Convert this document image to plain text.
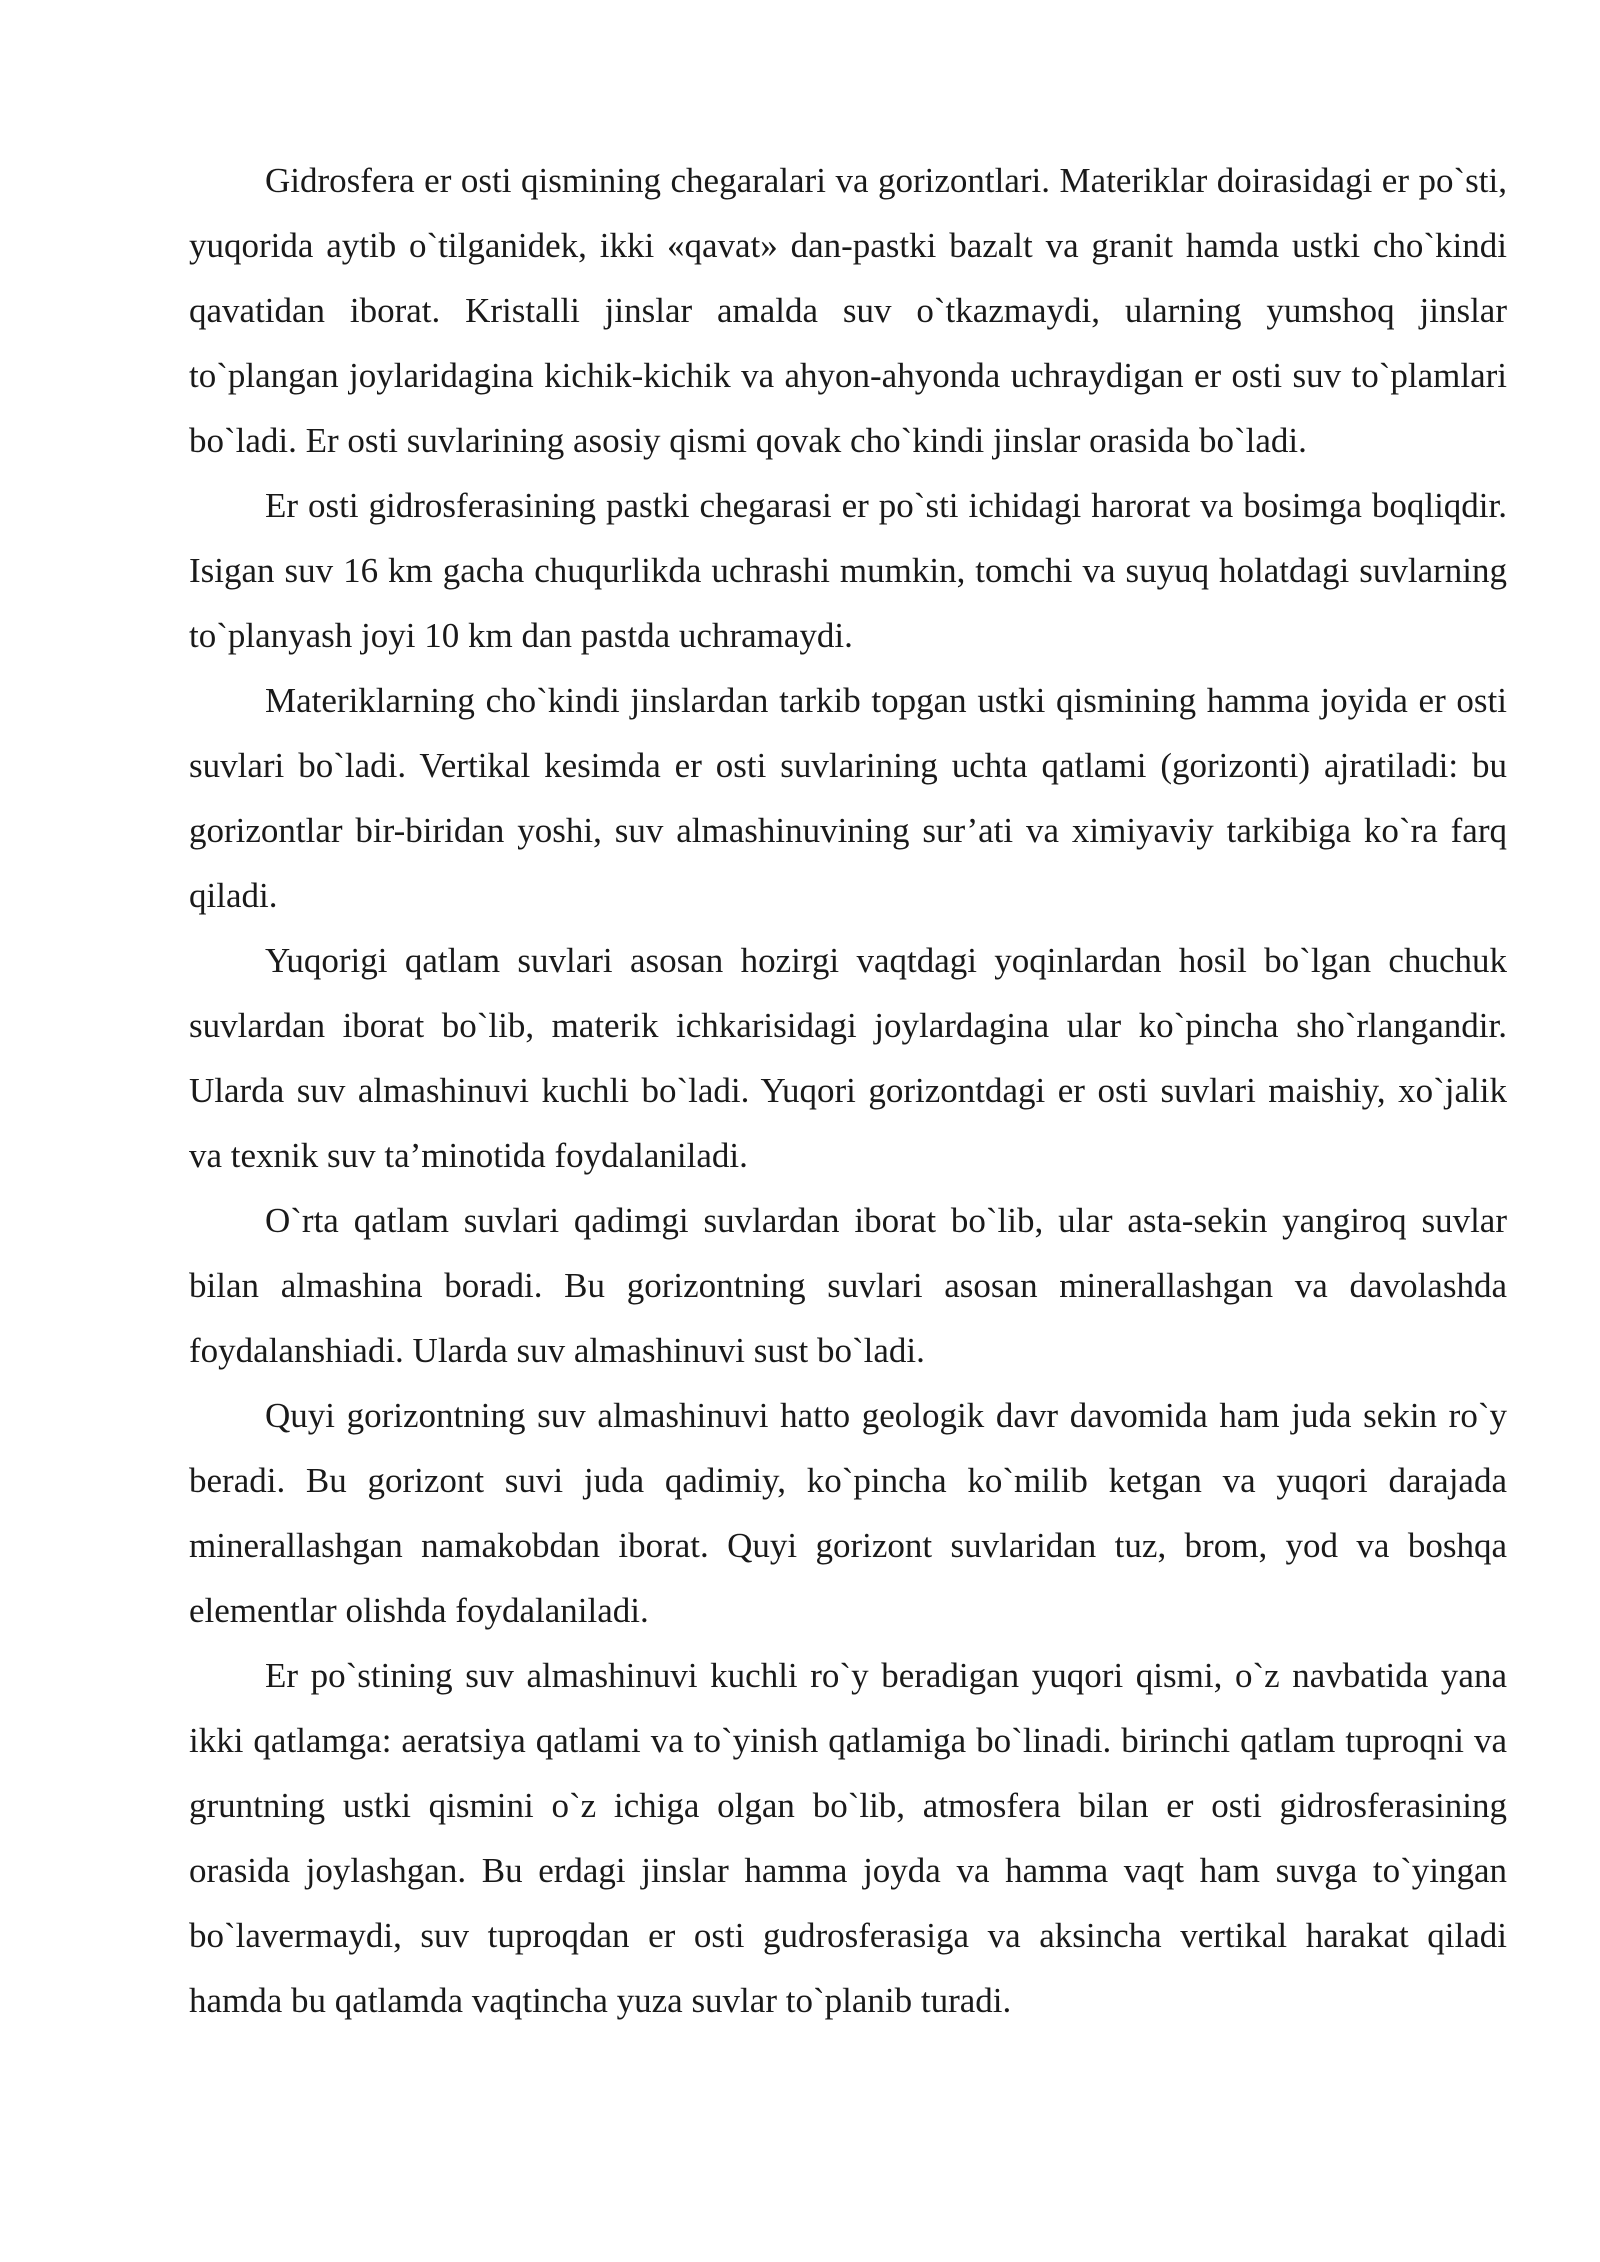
Gidrosfera er osti qismining chegaralari va gorizontlari. Materiklar doirasidagi er po`sti, yuqorida aytib o`tilganidek, ikki «qavat» dan-pastki bazalt va granit hamda ustki cho`kindi qavatidan iborat. Kristalli jinslar amalda suv o`tkazmaydi, ularning yumshoq jinslar to`plangan joylaridagina kichik-kichik va ahyon-ahyonda uchraydigan er osti suv to`plamlari bo`ladi. Er osti suvlarining asosiy qismi qovak cho`kindi jinslar orasida bo`ladi.

Er osti gidrosferasining pastki chegarasi er po`sti ichidagi harorat va bosimga boqliqdir. Isigan suv 16 km gacha chuqurlikda uchrashi mumkin, tomchi va suyuq holatdagi suvlarning to`planyash joyi 10 km dan pastda uchramaydi.

Materiklarning cho`kindi jinslardan tarkib topgan ustki qismining hamma joyida er osti suvlari bo`ladi. Vertikal kesimda er osti suvlarining uchta qatlami (gorizonti) ajratiladi: bu gorizontlar bir-biridan yoshi, suv almashinuvining sur’ati va ximiyaviy tarkibiga ko`ra farq qiladi.

Yuqorigi qatlam suvlari asosan hozirgi vaqtdagi yoqinlardan hosil bo`lgan chuchuk suvlardan iborat bo`lib, materik ichkarisidagi joylardagina ular ko`pincha sho`rlangandir. Ularda suv almashinuvi kuchli bo`ladi. Yuqori gorizontdagi er osti suvlari maishiy, xo`jalik va texnik suv ta’minotida foydalaniladi.

O`rta qatlam suvlari qadimgi suvlardan iborat bo`lib, ular asta-sekin yangiroq suvlar bilan almashina boradi. Bu gorizontning suvlari asosan minerallashgan va davolashda foydalanshiadi. Ularda suv almashinuvi sust bo`ladi.

Quyi gorizontning suv almashinuvi hatto geologik davr davomida ham juda sekin ro`y beradi. Bu gorizont suvi juda qadimiy, ko`pincha ko`milib ketgan va yuqori darajada minerallashgan namakobdan iborat. Quyi gorizont suvlaridan tuz, brom, yod va boshqa elementlar olishda foydalaniladi.

Er po`stining suv almashinuvi kuchli ro`y beradigan yuqori qismi, o`z navbatida yana ikki qatlamga: aeratsiya qatlami va to`yinish qatlamiga bo`linadi. birinchi qatlam tuproqni va gruntning ustki qismini o`z ichiga olgan bo`lib, atmosfera bilan er osti gidrosferasining orasida joylashgan. Bu erdagi jinslar hamma joyda va hamma vaqt ham suvga to`yingan bo`lavermaydi, suv tuproqdan er osti gudrosferasiga va aksincha vertikal harakat qiladi hamda bu qatlamda vaqtincha yuza suvlar to`planib turadi.
